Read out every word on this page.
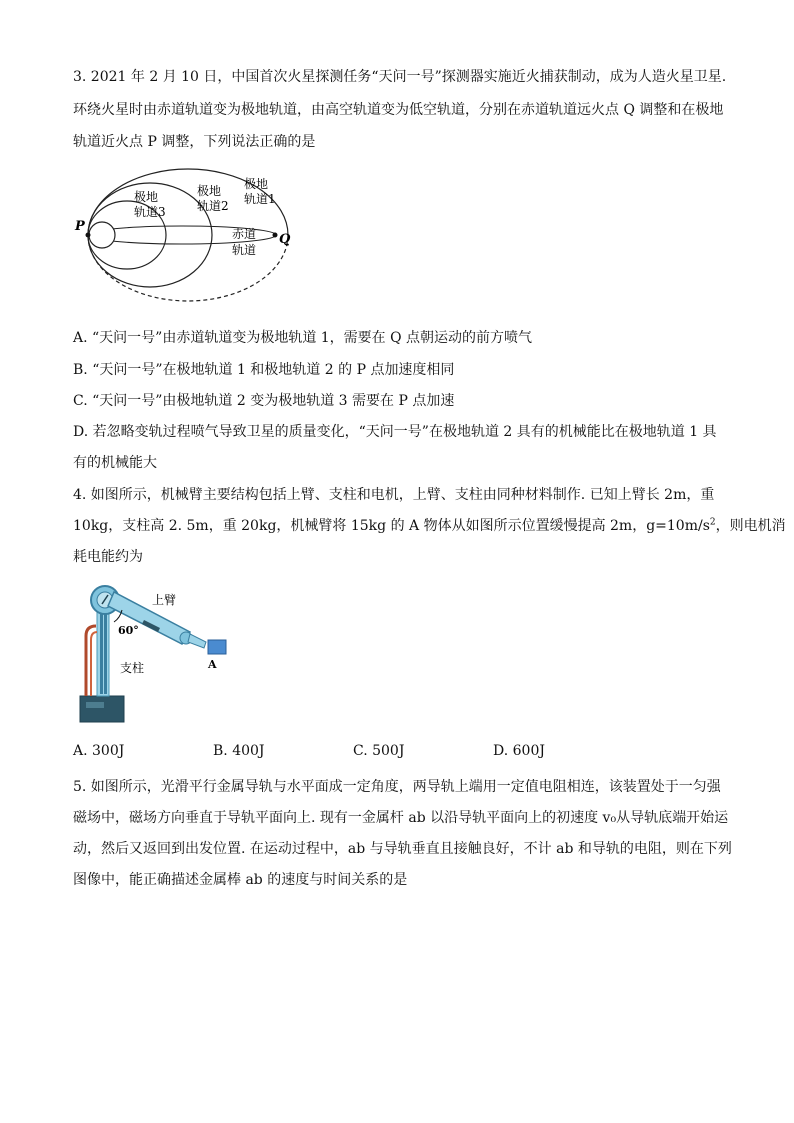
3. 2021 年 2 月 10 日，中国首次火星探测任务“天问一号”探测器实施近火捕获制动，成为人造火星卫星.
环绕火星时由赤道轨道变为极地轨道，由高空轨道变为低空轨道，分别在赤道轨道远火点 Q 调整和在极地
轨道近火点 P 调整，下列说法正确的是
P
Q
极地
轨道3
极地
轨道2
极地
轨道1
赤道
轨道
A. “天问一号”由赤道轨道变为极地轨道 1，需要在 Q 点朝运动的前方喷气
B. “天问一号”在极地轨道 1 和极地轨道 2 的 P 点加速度相同
C. “天问一号”由极地轨道 2 变为极地轨道 3 需要在 P 点加速
D. 若忽略变轨过程喷气导致卫星的质量变化，“天问一号”在极地轨道 2 具有的机械能比在极地轨道 1 具
有的机械能大
4. 如图所示，机械臂主要结构包括上臂、支柱和电机，上臂、支柱由同种材料制作. 已知上臂长 2m，重
10kg，支柱高 2. 5m，重 20kg，机械臂将 15kg 的 A 物体从如图所示位置缓慢提高 2m，$g=10m/s^2$，则电机消
耗电能约为
60°
上臂
支柱	A
A. 300J	B. 400J	C. 500J	D. 600J
5. 如图所示，光滑平行金属导轨与水平面成一定角度，两导轨上端用一定值电阻相连，该装置处于一匀强
磁场中，磁场方向垂直于导轨平面向上. 现有一金属杆 ab 以沿导轨平面向上的初速度 v₀从导轨底端开始运
动，然后又返回到出发位置. 在运动过程中，ab 与导轨垂直且接触良好，不计 ab 和导轨的电阻，则在下列
图像中，能正确描述金属棒 ab 的速度与时间关系的是
